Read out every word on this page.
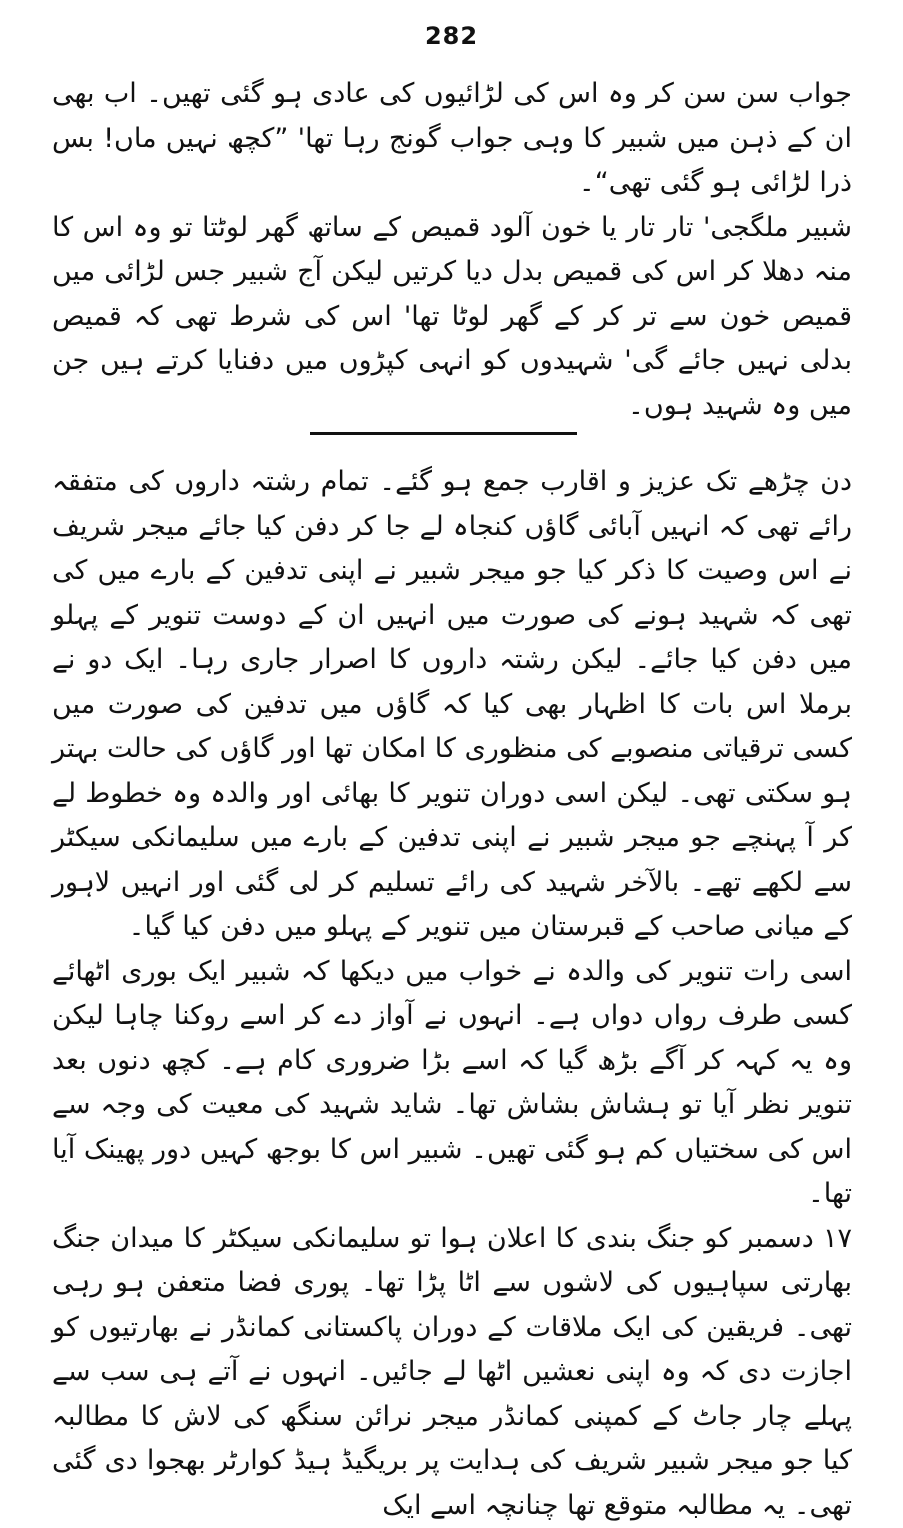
282

جواب سن سن کر وہ اس کی لڑائیوں کی عادی ہو گئی تھیں۔ اب بھی ان کے ذہن میں شبیر کا وہی جواب گونج رہا تھا' ”کچھ نہیں ماں! بس ذرا لڑائی ہو گئی تھی“۔

شبیر ملگجی' تار تار یا خون آلود قمیص کے ساتھ گھر لوٹتا تو وہ اس کا منہ دھلا کر اس کی قمیص بدل دیا کرتیں لیکن آج شبیر جس لڑائی میں قمیص خون سے تر کر کے گھر لوٹا تھا' اس کی شرط تھی کہ قمیص بدلی نہیں جائے گی' شہیدوں کو انہی کپڑوں میں دفنایا کرتے ہیں جن میں وہ شہید ہوں۔

دن چڑھے تک عزیز و اقارب جمع ہو گئے۔ تمام رشتہ داروں کی متفقہ رائے تھی کہ انہیں آبائی گاؤں کنجاہ لے جا کر دفن کیا جائے میجر شریف نے اس وصیت کا ذکر کیا جو میجر شبیر نے اپنی تدفین کے بارے میں کی تھی کہ شہید ہونے کی صورت میں انہیں ان کے دوست تنویر کے پہلو میں دفن کیا جائے۔ لیکن رشتہ داروں کا اصرار جاری رہا۔ ایک دو نے برملا اس بات کا اظہار بھی کیا کہ گاؤں میں تدفین کی صورت میں کسی ترقیاتی منصوبے کی منظوری کا امکان تھا اور گاؤں کی حالت بہتر ہو سکتی تھی۔ لیکن اسی دوران تنویر کا بھائی اور والدہ وہ خطوط لے کر آ پہنچے جو میجر شبیر نے اپنی تدفین کے بارے میں سلیمانکی سیکٹر سے لکھے تھے۔ بالآخر شہید کی رائے تسلیم کر لی گئی اور انہیں لاہور کے میانی صاحب کے قبرستان میں تنویر کے پہلو میں دفن کیا گیا۔

اسی رات تنویر کی والدہ نے خواب میں دیکھا کہ شبیر ایک بوری اٹھائے کسی طرف رواں دواں ہے۔ انہوں نے آواز دے کر اسے روکنا چاہا لیکن وہ یہ کہہ کر آگے بڑھ گیا کہ اسے بڑا ضروری کام ہے۔ کچھ دنوں بعد تنویر نظر آیا تو ہشاش بشاش تھا۔ شاید شہید کی معیت کی وجہ سے اس کی سختیاں کم ہو گئی تھیں۔ شبیر اس کا بوجھ کہیں دور پھینک آیا تھا۔

۱۷ دسمبر کو جنگ بندی کا اعلان ہوا تو سلیمانکی سیکٹر کا میدان جنگ بھارتی سپاہیوں کی لاشوں سے اٹا پڑا تھا۔ پوری فضا متعفن ہو رہی تھی۔ فریقین کی ایک ملاقات کے دوران پاکستانی کمانڈر نے بھارتیوں کو اجازت دی کہ وہ اپنی نعشیں اٹھا لے جائیں۔ انہوں نے آتے ہی سب سے پہلے چار جاٹ کے کمپنی کمانڈر میجر نرائن سنگھ کی لاش کا مطالبہ کیا جو میجر شبیر شریف کی ہدایت پر بریگیڈ ہیڈ کوارٹر بھجوا دی گئی تھی۔ یہ مطالبہ متوقع تھا چنانچہ اسے ایک
